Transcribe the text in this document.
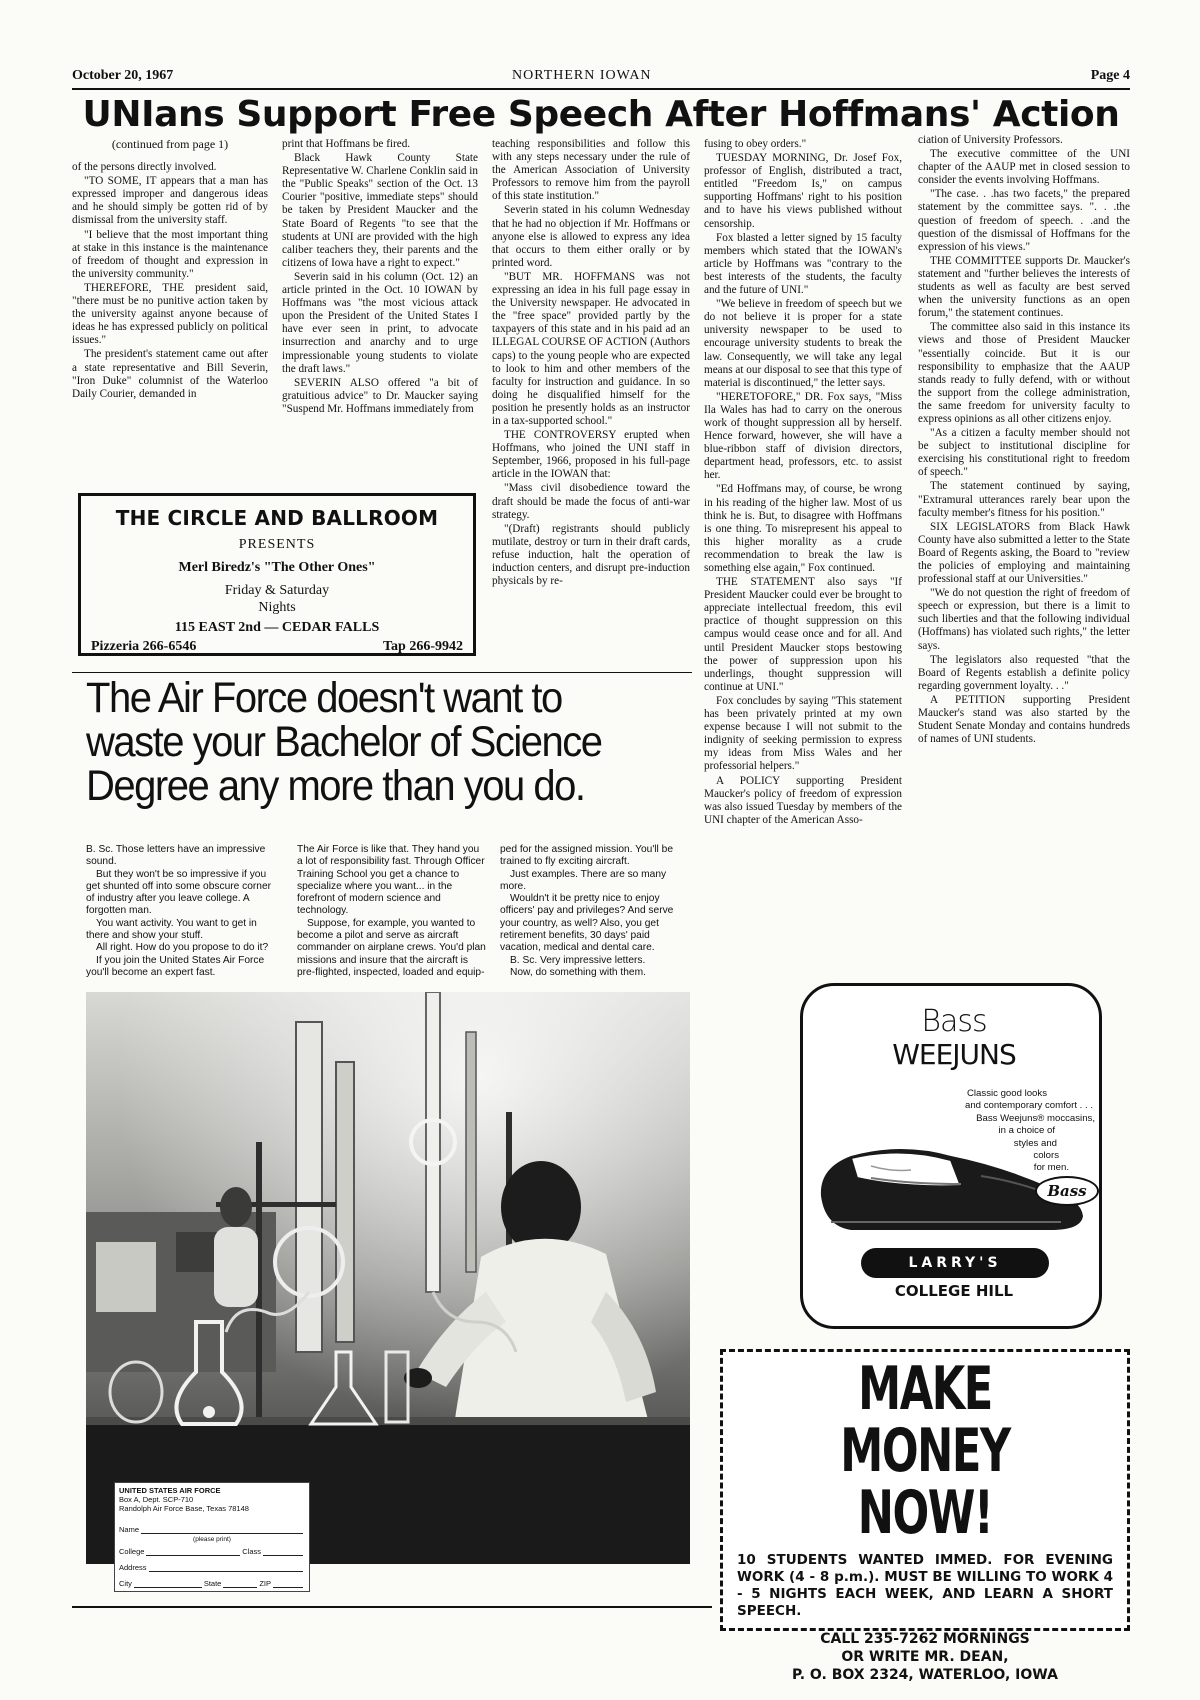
October 20, 1967	NORTHERN IOWAN	Page 4
UNIans Support Free Speech After Hoffmans' Action

(continued from page 1)

of the persons directly involved.

"TO SOME, IT appears that a man has expressed improper and dangerous ideas and he should simply be gotten rid of by dismissal from the university staff.

"I believe that the most important thing at stake in this instance is the maintenance of freedom of thought and expression in the university community."

THEREFORE, THE president said, "there must be no punitive action taken by the university against anyone because of ideas he has expressed publicly on political issues."

The president's statement came out after a state representative and Bill Severin, "Iron Duke" columnist of the Waterloo Daily Courier, demanded in

print that Hoffmans be fired.

Black Hawk County State Representative W. Charlene Conklin said in the "Public Speaks" section of the Oct. 13 Courier "positive, immediate steps" should be taken by President Maucker and the State Board of Regents "to see that the students at UNI are provided with the high caliber teachers they, their parents and the citizens of Iowa have a right to expect."

Severin said in his column (Oct. 12) an article printed in the Oct. 10 IOWAN by Hoffmans was "the most vicious attack upon the President of the United States I have ever seen in print, to advocate insurrection and anarchy and to urge impressionable young students to violate the draft laws."

SEVERIN ALSO offered "a bit of gratuitious advice" to Dr. Maucker saying "Suspend Mr. Hoffmans immediately from

teaching responsibilities and follow this with any steps necessary under the rule of the American Association of University Professors to remove him from the payroll of this state institution."

Severin stated in his column Wednesday that he had no objection if Mr. Hoffmans or anyone else is allowed to express any idea that occurs to them either orally or by printed word.

"BUT MR. HOFFMANS was not expressing an idea in his full page essay in the University newspaper. He advocated in the "free space" provided partly by the taxpayers of this state and in his paid ad an ILLEGAL COURSE OF ACTION (Authors caps) to the young people who are expected to look to him and other members of the faculty for instruction and guidance. In so doing he disqualified himself for the position he presently holds as an instructor in a tax-supported school."

THE CONTROVERSY erupted when Hoffmans, who joined the UNI staff in September, 1966, proposed in his full-page article in the IOWAN that:

"Mass civil disobedience toward the draft should be made the focus of anti-war strategy.

"(Draft) registrants should publicly mutilate, destroy or turn in their draft cards, refuse induction, halt the operation of induction centers, and disrupt pre-induction physicals by re-

fusing to obey orders."

TUESDAY MORNING, Dr. Josef Fox, professor of English, distributed a tract, entitled "Freedom Is," on campus supporting Hoffmans' right to his position and to have his views published without censorship.

Fox blasted a letter signed by 15 faculty members which stated that the IOWAN's article by Hoffmans was "contrary to the best interests of the students, the faculty and the future of UNI."

"We believe in freedom of speech but we do not believe it is proper for a state university newspaper to be used to encourage university students to break the law. Consequently, we will take any legal means at our disposal to see that this type of material is discontinued," the letter says.

"HERETOFORE," DR. Fox says, "Miss Ila Wales has had to carry on the onerous work of thought suppression all by herself. Hence forward, however, she will have a blue-ribbon staff of division directors, department head, professors, etc. to assist her.

"Ed Hoffmans may, of course, be wrong in his reading of the higher law. Most of us think he is. But, to disagree with Hoffmans is one thing. To misrepresent his appeal to this higher morality as a crude recommendation to break the law is something else again," Fox continued.

THE STATEMENT also says "If President Maucker could ever be brought to appreciate intellectual freedom, this evil practice of thought suppression on this campus would cease once and for all. And until President Maucker stops bestowing the power of suppression upon his underlings, thought suppression will continue at UNI."

Fox concludes by saying "This statement has been privately printed at my own expense because I will not submit to the indignity of seeking permission to express my ideas from Miss Wales and her professorial helpers."

A POLICY supporting President Maucker's policy of freedom of expression was also issued Tuesday by members of the UNI chapter of the American Asso-

ciation of University Professors.

The executive committee of the UNI chapter of the AAUP met in closed session to consider the events involving Hoffmans.

"The case. . .has two facets," the prepared statement by the committee says. ". . .the question of freedom of speech. . .and the question of the dismissal of Hoffmans for the expression of his views."

THE COMMITTEE supports Dr. Maucker's statement and "further believes the interests of students as well as faculty are best served when the university functions as an open forum," the statement continues.

The committee also said in this instance its views and those of President Maucker "essentially coincide. But it is our responsibility to emphasize that the AAUP stands ready to fully defend, with or without the support from the college administration, the same freedom for university faculty to express opinions as all other citizens enjoy.

"As a citizen a faculty member should not be subject to institutional discipline for exercising his constitutional right to freedom of speech."

The statement continued by saying, "Extramural utterances rarely bear upon the faculty member's fitness for his position."

SIX LEGISLATORS from Black Hawk County have also submitted a letter to the State Board of Regents asking, the Board to "review the policies of employing and maintaining professional staff at our Universities."

"We do not question the right of freedom of speech or expression, but there is a limit to such liberties and that the following individual (Hoffmans) has violated such rights," the letter says.

The legislators also requested "that the Board of Regents establish a definite policy regarding government loyalty. . ."

A PETITION supporting President Maucker's stand was also started by the Student Senate Monday and contains hundreds of names of UNI students.

THE CIRCLE AND BALLROOM
PRESENTS
Merl Biredz's "The Other Ones"
Friday & Saturday
Nights
115 EAST 2nd — CEDAR FALLS
Pizzeria 266-6546	Tap 266-9942
The Air Force doesn't want to
waste your Bachelor of Science
Degree any more than you do.

B. Sc. Those letters have an impressive sound.

But they won't be so impressive if you get shunted off into some obscure corner of industry after you leave college. A forgotten man.

You want activity. You want to get in there and show your stuff.

All right. How do you propose to do it?

If you join the United States Air Force you'll become an expert fast.

The Air Force is like that. They hand you a lot of responsibility fast. Through Officer Training School you get a chance to specialize where you want... in the forefront of modern science and technology.

Suppose, for example, you wanted to become a pilot and serve as aircraft commander on airplane crews. You'd plan missions and insure that the aircraft is pre-flighted, inspected, loaded and equip-

ped for the assigned mission. You'll be trained to fly exciting aircraft.

Just examples. There are so many more.

Wouldn't it be pretty nice to enjoy officers' pay and privileges? And serve your country, as well? Also, you get retirement benefits, 30 days' paid vacation, medical and dental care.

B. Sc. Very impressive letters.

Now, do something with them.

UNITED STATES AIR FORCE
Box A, Dept. SCP-710
Randolph Air Force Base, Texas 78148
Name
(please print)
College	Class
Address
City	State	ZIP
Bass
WEEJUNS
Classic good looks
and contemporary comfort . . .
Bass Weejuns® moccasins,
in a choice of
styles and
colors
for men.
Bass
LARRY'S
COLLEGE HILL
MAKE MONEY
NOW!
10 STUDENTS WANTED IMMED. FOR EVENING WORK (4 - 8 p.m.). MUST BE WILLING TO WORK 4 - 5 NIGHTS EACH WEEK, AND LEARN A SHORT SPEECH.
CALL 235-7262 MORNINGS
OR WRITE MR. DEAN,
P. O. BOX 2324, WATERLOO, IOWA
